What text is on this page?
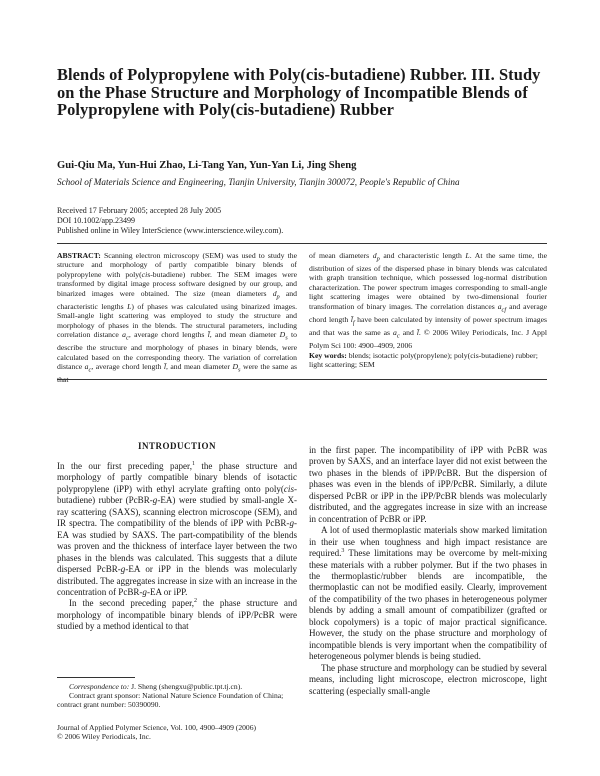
Blends of Polypropylene with Poly(cis-butadiene) Rubber. III. Study on the Phase Structure and Morphology of Incompatible Blends of Polypropylene with Poly(cis-butadiene) Rubber
Gui-Qiu Ma, Yun-Hui Zhao, Li-Tang Yan, Yun-Yan Li, Jing Sheng
School of Materials Science and Engineering, Tianjin University, Tianjin 300072, People's Republic of China
Received 17 February 2005; accepted 28 July 2005
DOI 10.1002/app.23499
Published online in Wiley InterScience (www.interscience.wiley.com).
ABSTRACT: Scanning electron microscopy (SEM) was used to study the structure and morphology of partly compatible binary blends of polypropylene with poly(cis-butadiene) rubber. The SEM images were transformed by digital image process software designed by our group, and binarized images were obtained. The size (mean diameters $d_p$ and characteristic lengths L) of phases was calculated using binarized images. Small-angle light scattering was employed to study the structure and morphology of phases in the blends. The structural parameters, including correlation distance $a_c$, average chord lengths l̄, and mean diameter $D_s$ to describe the structure and morphology of phases in binary blends, were calculated based on the corresponding theory. The variation of correlation distance $a_c$, average chord length l̄, and mean diameter $D_s$ were the same as that
of mean diameters $d_p$ and characteristic length L. At the same time, the distribution of sizes of the dispersed phase in binary blends was calculated with graph transition technique, which possessed log-normal distribution characterization. The power spectrum images corresponding to small-angle light scattering images were obtained by two-dimensional fourier transformation of binary images. The correlation distances $a_{cf}$ and average chord length $l̄_f$ have been calculated by intensity of power spectrum images and that was the same as $a_c$ and l̄. © 2006 Wiley Periodicals, Inc. J Appl Polym Sci 100: 4900–4909, 2006
Key words: blends; isotactic poly(propylene); poly(cis-butadiene) rubber; light scattering; SEM
INTRODUCTION

In the our first preceding paper,$^1$ the phase structure and morphology of partly compatible binary blends of isotactic polypropylene (iPP) with ethyl acrylate grafting onto poly(cis-butadiene) rubber (PcBR-g-EA) were studied by small-angle X-ray scattering (SAXS), scanning electron microscope (SEM), and IR spectra. The compatibility of the blends of iPP with PcBR-g-EA was studied by SAXS. The part-compatibility of the blends was proven and the thickness of interface layer between the two phases in the blends was calculated. This suggests that a dilute dispersed PcBR-g-EA or iPP in the blends was molecularly distributed. The aggregates increase in size with an increase in the concentration of PcBR-g-EA or iPP.

In the second preceding paper,$^2$ the phase structure and morphology of incompatible binary blends of iPP/PcBR were studied by a method identical to that

in the first paper. The incompatibility of iPP with PcBR was proven by SAXS, and an interface layer did not exist between the two phases in the blends of iPP/PcBR. But the dispersion of phases was even in the blends of iPP/PcBR. Similarly, a dilute dispersed PcBR or iPP in the iPP/PcBR blends was molecularly distributed, and the aggregates increase in size with an increase in concentration of PcBR or iPP.

A lot of used thermoplastic materials show marked limitation in their use when toughness and high impact resistance are required.$^3$ These limitations may be overcome by melt-mixing these materials with a rubber polymer. But if the two phases in the thermoplastic/rubber blends are incompatible, the thermoplastic can not be modified easily. Clearly, improvement of the compatibility of the two phases in heterogeneous polymer blends by adding a small amount of compatibilizer (grafted or block copolymers) is a topic of major practical significance. However, the study on the phase structure and morphology of incompatible blends is very important when the compatibility of heterogeneous polymer blends is being studied.

The phase structure and morphology can be studied by several means, including light microscope, electron microscope, light scattering (especially small-angle

Correspondence to: J. Sheng (shengxu@public.tpt.tj.cn).

Contract grant sponsor: National Nature Science Foundation of China; contract grant number: 50390090.

Journal of Applied Polymer Science, Vol. 100, 4900–4909 (2006)
© 2006 Wiley Periodicals, Inc.
